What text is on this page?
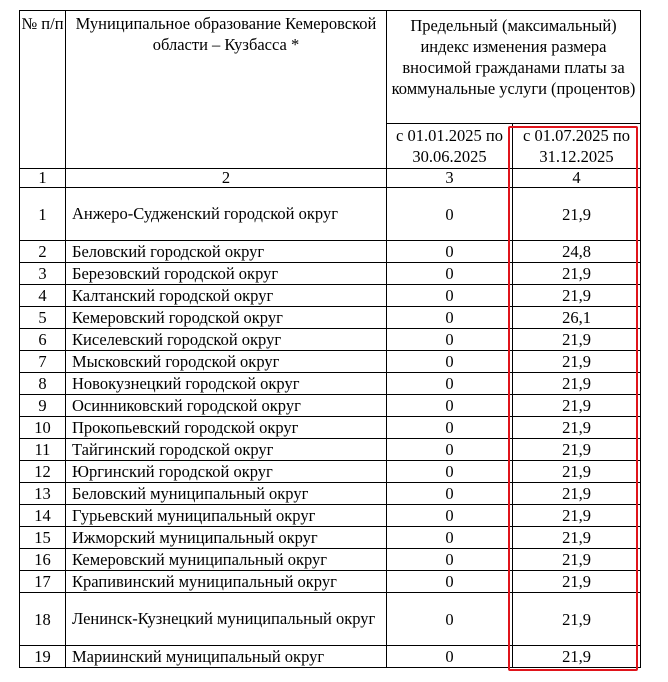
№ п/п	Муниципальное образование Кемеровской области – Кузбасса *	Предельный (максимальный) индекс изменения размера вносимой гражданами платы за коммунальные услуги (процентов)	
		с 01.01.2025 по 30.06.2025	с 01.07.2025 по 31.12.2025
1	2	3	4
1	Анжеро-Судженский городской округ	0	21,9
2	Беловский городской округ	0	24,8
3	Березовский городской округ	0	21,9
4	Калтанский городской округ	0	21,9
5	Кемеровский городской округ	0	26,1
6	Киселевский городской округ	0	21,9
7	Мысковский городской округ	0	21,9
8	Новокузнецкий городской округ	0	21,9
9	Осинниковский городской округ	0	21,9
10	Прокопьевский городской округ	0	21,9
11	Тайгинский городской округ	0	21,9
12	Юргинский городской округ	0	21,9
13	Беловский муниципальный округ	0	21,9
14	Гурьевский муниципальный округ	0	21,9
15	Ижморский муниципальный округ	0	21,9
16	Кемеровский муниципальный округ	0	21,9
17	Крапивинский муниципальный округ	0	21,9
18	Ленинск-Кузнецкий муниципальный округ	0	21,9
19	Мариинский муниципальный округ	0	21,9
